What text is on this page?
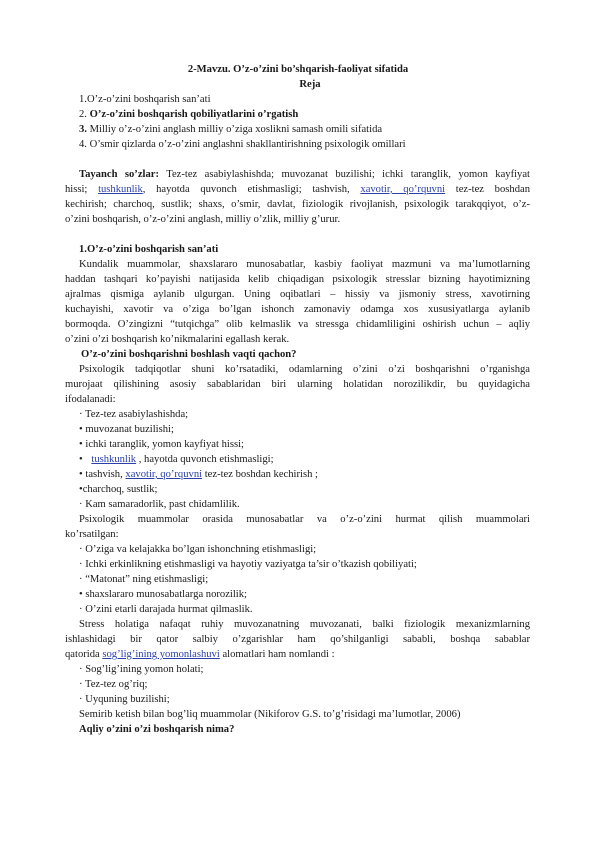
2-Mavzu. O’z-o’zini bo’shqarish-faoliyat sifatida
Reja
1.O’z-o’zini boshqarish san’ati
2. O’z-o’zini boshqarish qobiliyatlarini o’rgatish
3. Milliy o’z-o’zini anglash milliy o’ziga xoslikni samash omili sifatida
4. O’smir qizlarda o’z-o’zini anglashni shakllantirishning psixologik omillari
Tayanch so’zlar: Tez-tez asabiylashishda; muvozanat buzilishi; ichki taranglik, yomon kayfiyat
hissi; tushkunlik, hayotda quvonch etishmasligi; tashvish, xavotir, qo’rquvni tez-tez boshdan
kechirish; charchoq, sustlik; shaxs, o’smir, davlat, fiziologik rivojlanish, psixologik tarakqqiyot, o’z-
o’zini boshqarish, o’z-o’zini anglash, milliy o’zlik, milliy g’urur.
1.O’z-o’zini boshqarish san’ati
Kundalik muammolar, shaxslararo munosabatlar, kasbiy faoliyat mazmuni va ma’lumotlarning
haddan tashqari ko’payishi natijasida kelib chiqadigan psixologik stresslar bizning hayotimizning
ajralmas qismiga aylanib ulgurgan. Uning oqibatlari – hissiy va jismoniy stress, xavotirning
kuchayishi, xavotir va o’ziga bo’lgan ishonch zamonaviy odamga xos xususiyatlarga aylanib
bormoqda. O’zingizni “tutqichga” olib kelmaslik va stressga chidamliligini oshirish uchun – aqliy
o’zini o’zi boshqarish ko’nikmalarini egallash kerak.
O’z-o’zini boshqarishni boshlash vaqti qachon?
Psixologik tadqiqotlar shuni ko’rsatadiki, odamlarning o’zini o’zi boshqarishni o’rganishga
murojaat qilishining asosiy sabablaridan biri ularning holatidan norozilikdir, bu quyidagicha
ifodalanadi:
· Tez-tez asabiylashishda;
• muvozanat buzilishi;
• ichki taranglik, yomon kayfiyat hissi;
• tushkunlik , hayotda quvonch etishmasligi;
• tashvish, xavotir, qo’rquvni tez-tez boshdan kechirish ;
•charchoq, sustlik;
· Kam samaradorlik, past chidamlilik.
Psixologik muammolar orasida munosabatlar va o’z-o’zini hurmat qilish muammolari
ko’rsatilgan:
· O’ziga va kelajakka bo’lgan ishonchning etishmasligi;
· Ichki erkinlikning etishmasligi va hayotiy vaziyatga ta’sir o’tkazish qobiliyati;
· “Matonat” ning etishmasligi;
• shaxslararo munosabatlarga norozilik;
· O’zini etarli darajada hurmat qilmaslik.
Stress holatiga nafaqat ruhiy muvozanatning muvozanati, balki fiziologik mexanizmlarning
ishlashidagi bir qator salbiy o’zgarishlar ham qo’shilganligi sababli, boshqa sabablar
qatorida sog’lig’ining yomonlashuvi alomatlari ham nomlandi :
· Sog’lig’ining yomon holati;
· Tez-tez og’riq;
· Uyquning buzilishi;
Semirib ketish bilan bog’liq muammolar (Nikiforov G.S. to’g’risidagi ma’lumotlar, 2006)
Aqliy o’zini o’zi boshqarish nima?
